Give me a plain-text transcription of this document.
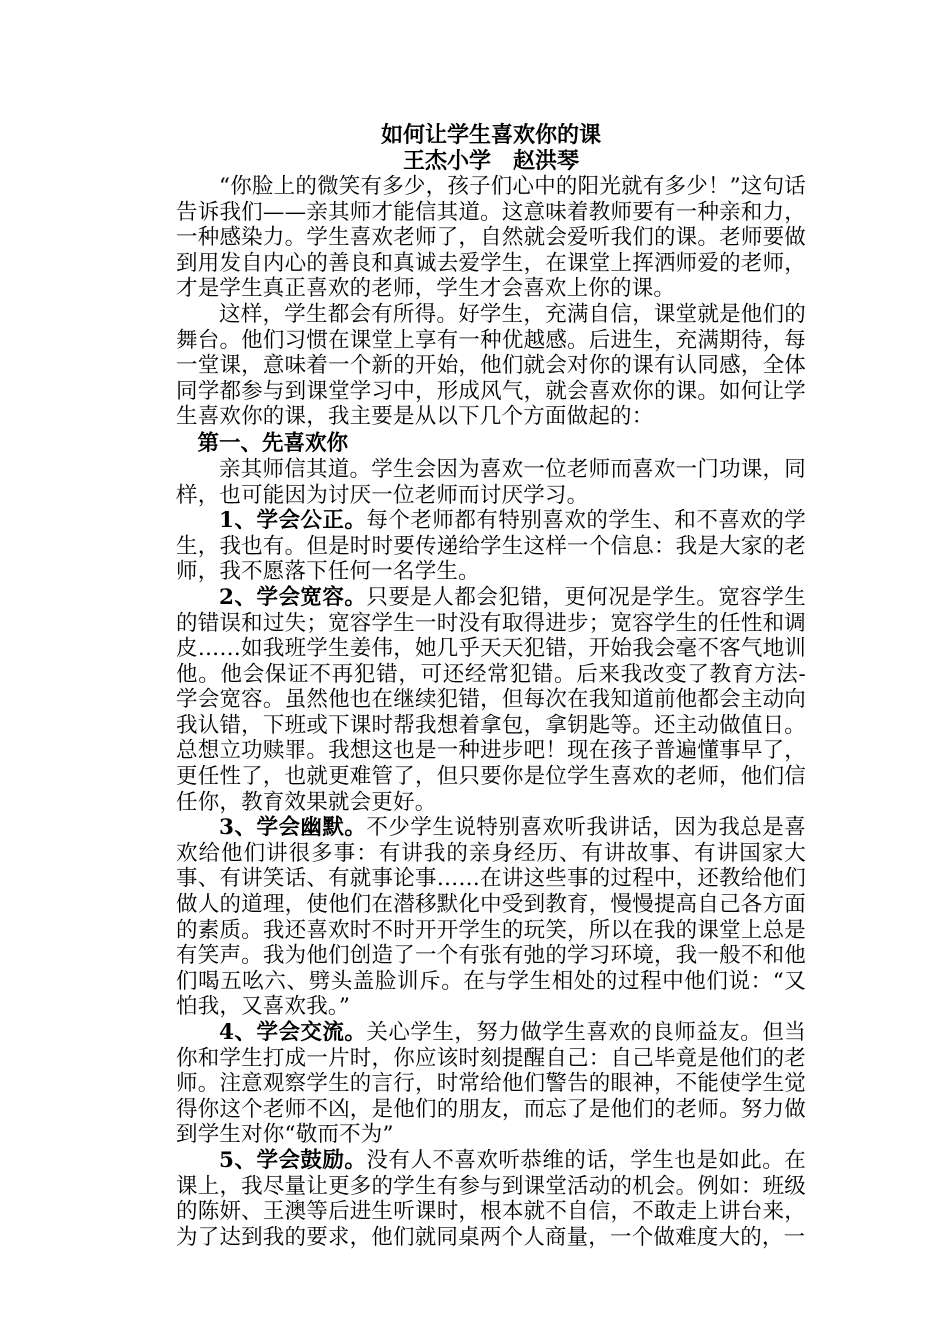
如何让学生喜欢你的课
王杰小学　赵洪琴

“你脸上的微笑有多少，孩子们心中的阳光就有多少！”这句话告诉我们——亲其师才能信其道。这意味着教师要有一种亲和力，一种感染力。学生喜欢老师了，自然就会爱听我们的课。老师要做到用发自内心的善良和真诚去爱学生，在课堂上挥洒师爱的老师，才是学生真正喜欢的老师，学生才会喜欢上你的课。

这样，学生都会有所得。好学生，充满自信，课堂就是他们的舞台。他们习惯在课堂上享有一种优越感。后进生，充满期待，每一堂课，意味着一个新的开始，他们就会对你的课有认同感，全体同学都参与到课堂学习中，形成风气，就会喜欢你的课。如何让学生喜欢你的课，我主要是从以下几个方面做起的：

第一、先喜欢你

亲其师信其道。学生会因为喜欢一位老师而喜欢一门功课，同样，也可能因为讨厌一位老师而讨厌学习。

1、学会公正。每个老师都有特别喜欢的学生、和不喜欢的学生，我也有。但是时时要传递给学生这样一个信息：我是大家的老师，我不愿落下任何一名学生。

2、学会宽容。只要是人都会犯错，更何况是学生。宽容学生的错误和过失；宽容学生一时没有取得进步；宽容学生的任性和调皮……如我班学生姜伟，她几乎天天犯错，开始我会毫不客气地训他。他会保证不再犯错，可还经常犯错。后来我改变了教育方法-学会宽容。虽然他也在继续犯错，但每次在我知道前他都会主动向我认错，下班或下课时帮我想着拿包，拿钥匙等。还主动做值日。总想立功赎罪。我想这也是一种进步吧！现在孩子普遍懂事早了，更任性了，也就更难管了，但只要你是位学生喜欢的老师，他们信任你，教育效果就会更好。

3、学会幽默。不少学生说特别喜欢听我讲话，因为我总是喜欢给他们讲很多事：有讲我的亲身经历、有讲故事、有讲国家大事、有讲笑话、有就事论事……在讲这些事的过程中，还教给他们做人的道理，使他们在潜移默化中受到教育，慢慢提高自己各方面的素质。我还喜欢时不时开开学生的玩笑，所以在我的课堂上总是有笑声。我为他们创造了一个有张有弛的学习环境，我一般不和他们喝五吆六、劈头盖脸训斥。在与学生相处的过程中他们说：“又怕我，又喜欢我。”

4、学会交流。关心学生，努力做学生喜欢的良师益友。但当你和学生打成一片时，你应该时刻提醒自己：自己毕竟是他们的老师。注意观察学生的言行，时常给他们警告的眼神，不能使学生觉得你这个老师不凶，是他们的朋友，而忘了是他们的老师。努力做到学生对你“敬而不为”

5、学会鼓励。没有人不喜欢听恭维的话，学生也是如此。在课上，我尽量让更多的学生有参与到课堂活动的机会。例如：班级的陈妍、王澳等后进生听课时，根本就不自信，不敢走上讲台来，为了达到我的要求，他们就同桌两个人商量，一个做难度大的，一
